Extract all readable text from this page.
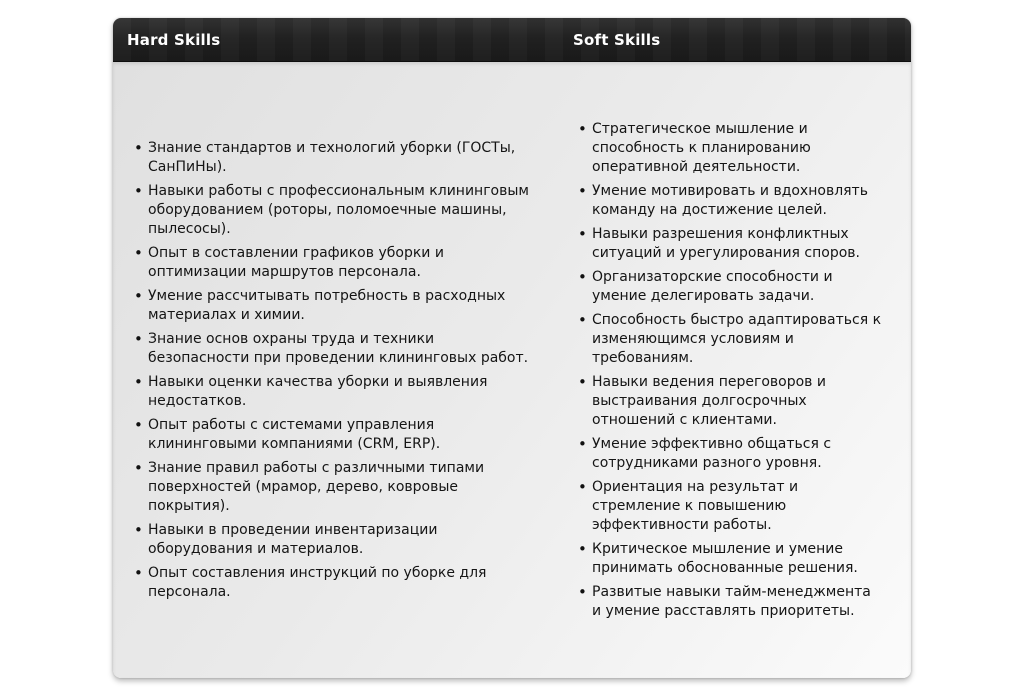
Hard Skills	Soft Skills
• Знание стандартов и технологий уборки (ГОСТы, СанПиНы).
• Навыки работы с профессиональным клининговым оборудованием (роторы, поломоечные машины, пылесосы).
• Опыт в составлении графиков уборки и оптимизации маршрутов персонала.
• Умение рассчитывать потребность в расходных материалах и химии.
• Знание основ охраны труда и техники безопасности при проведении клининговых работ.
• Навыки оценки качества уборки и выявления недостатков.
• Опыт работы с системами управления клининговыми компаниями (CRM, ERP).
• Знание правил работы с различными типами поверхностей (мрамор, дерево, ковровые покрытия).
• Навыки в проведении инвентаризации оборудования и материалов.
• Опыт составления инструкций по уборке для персонала.
• Стратегическое мышление и способность к планированию оперативной деятельности.
• Умение мотивировать и вдохновлять команду на достижение целей.
• Навыки разрешения конфликтных ситуаций и урегулирования споров.
• Организаторские способности и умение делегировать задачи.
• Способность быстро адаптироваться к изменяющимся условиям и требованиям.
• Навыки ведения переговоров и выстраивания долгосрочных отношений с клиентами.
• Умение эффективно общаться с сотрудниками разного уровня.
• Ориентация на результат и стремление к повышению эффективности работы.
• Критическое мышление и умение принимать обоснованные решения.
• Развитые навыки тайм-менеджмента и умение расставлять приоритеты.
